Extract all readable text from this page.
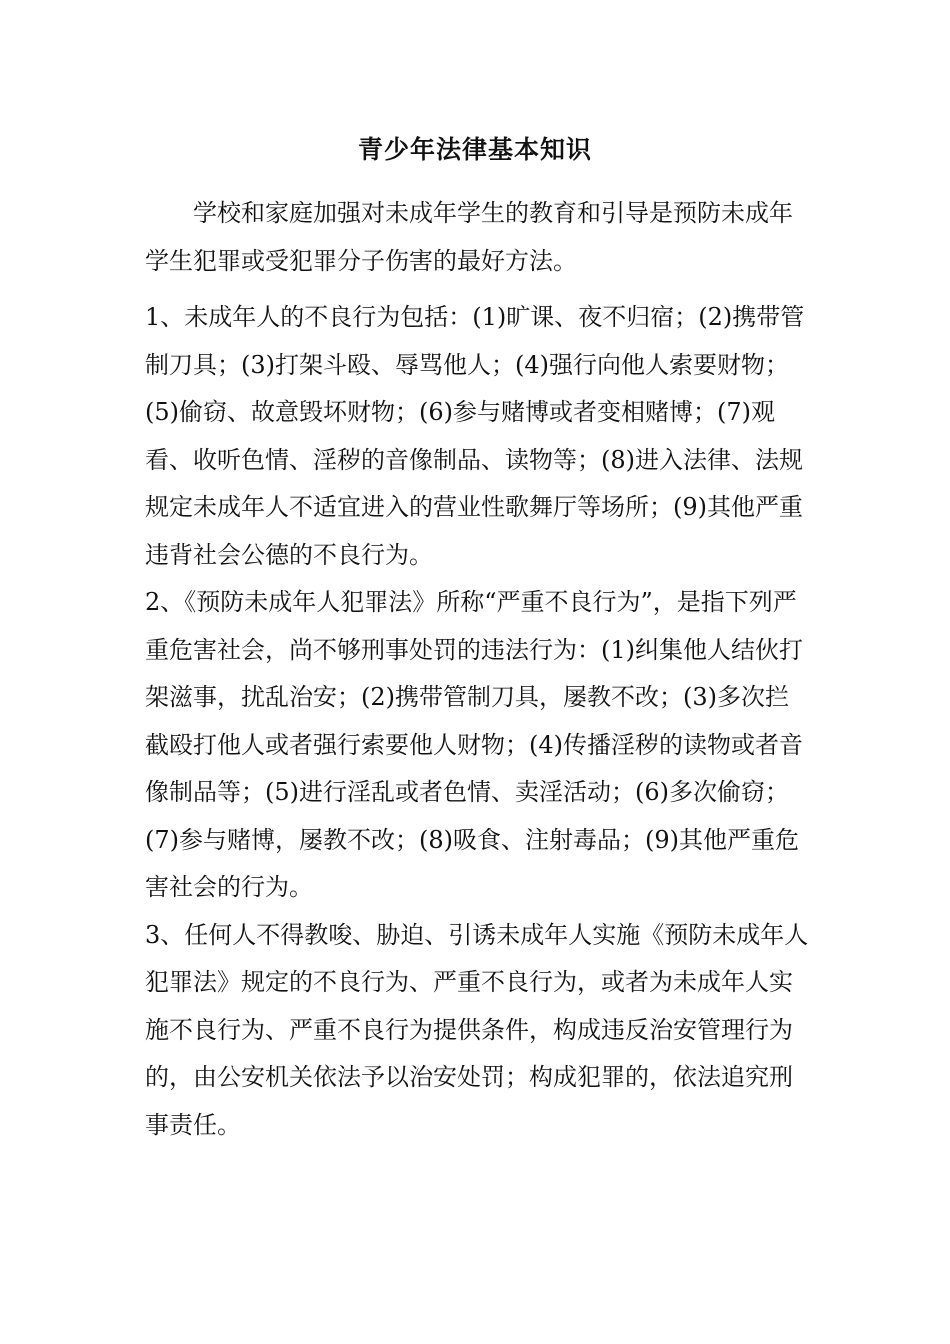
青少年法律基本知识

学校和家庭加强对未成年学生的教育和引导是预防未成年学生犯罪或受犯罪分子伤害的最好方法。

1、未成年人的不良行为包括：(1)旷课、夜不归宿；(2)携带管制刀具；(3)打架斗殴、辱骂他人；(4)强行向他人索要财物；(5)偷窃、故意毁坏财物；(6)参与赌博或者变相赌博；(7)观看、收听色情、淫秽的音像制品、读物等；(8)进入法律、法规规定未成年人不适宜进入的营业性歌舞厅等场所；(9)其他严重违背社会公德的不良行为。

2、《预防未成年人犯罪法》所称“严重不良行为”，是指下列严重危害社会，尚不够刑事处罚的违法行为：(1)纠集他人结伙打架滋事，扰乱治安；(2)携带管制刀具，屡教不改；(3)多次拦截殴打他人或者强行索要他人财物；(4)传播淫秽的读物或者音像制品等；(5)进行淫乱或者色情、卖淫活动；(6)多次偷窃；(7)参与赌博，屡教不改；(8)吸食、注射毒品；(9)其他严重危害社会的行为。

3、任何人不得教唆、胁迫、引诱未成年人实施《预防未成年人犯罪法》规定的不良行为、严重不良行为，或者为未成年人实施不良行为、严重不良行为提供条件，构成违反治安管理行为的，由公安机关依法予以治安处罚；构成犯罪的，依法追究刑事责任。
